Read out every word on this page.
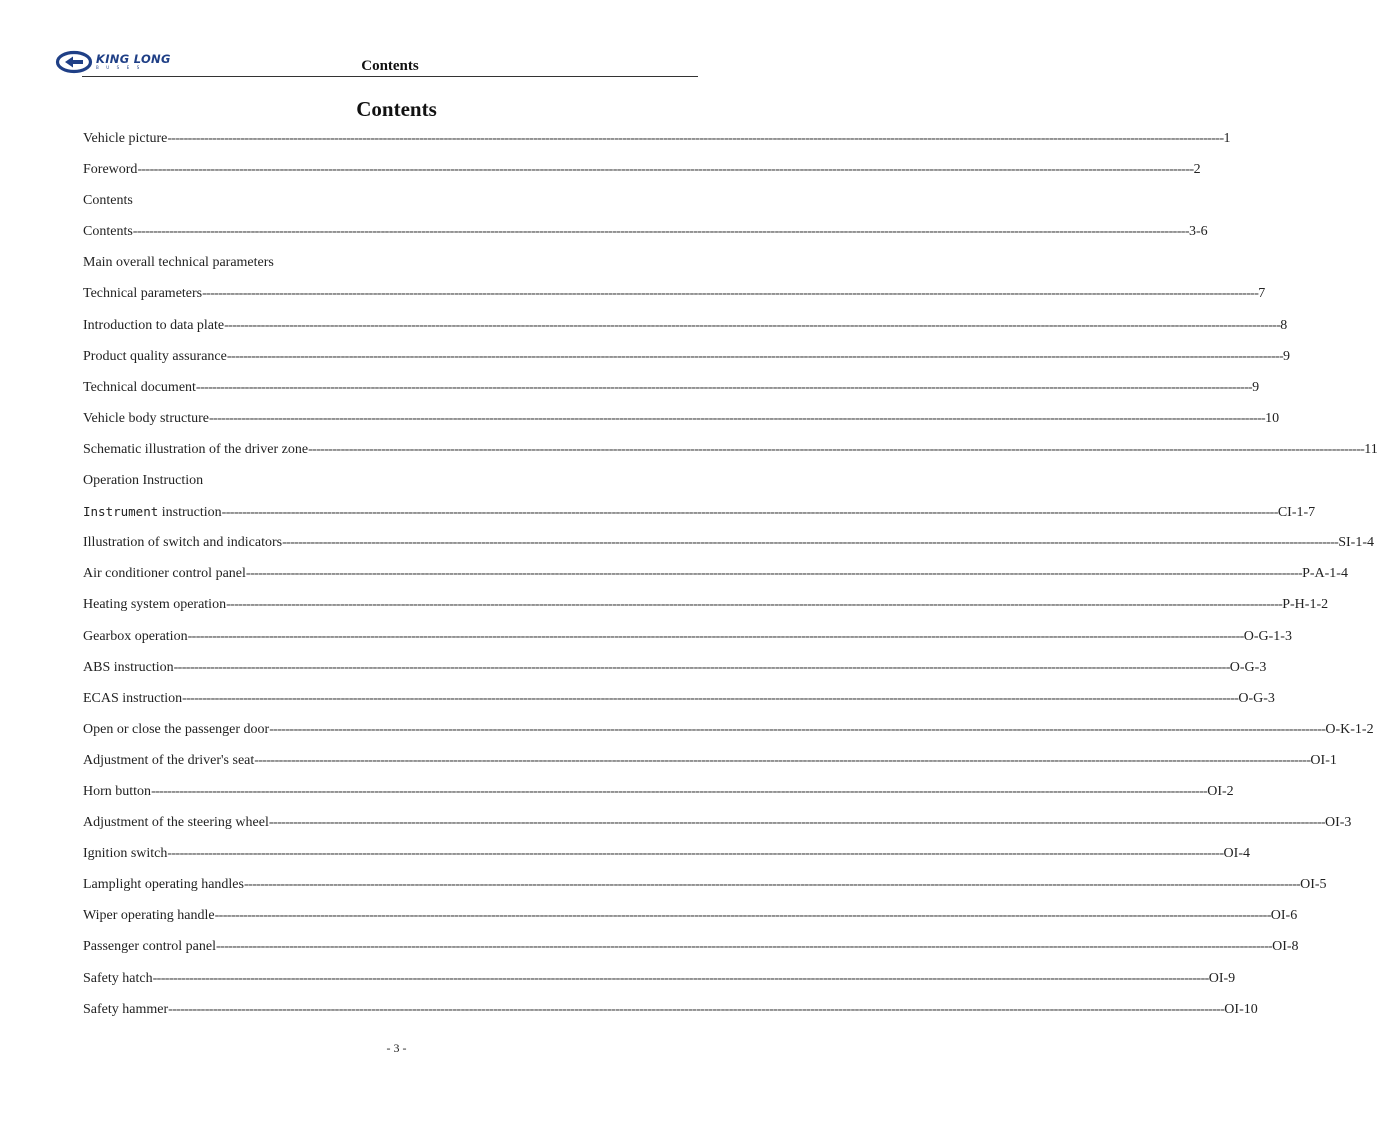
KING LONG
BUSES	Contents
Contents
Vehicle picture -------------------------------------------------------------------------------------------------------------------------------------------------------------------------------------------------------------------------------------------------------------------- 1
Foreword -------------------------------------------------------------------------------------------------------------------------------------------------------------------------------------------------------------------------------------------------------------------- 2
Contents
Contents -------------------------------------------------------------------------------------------------------------------------------------------------------------------------------------------------------------------------------------------------------------------- 3-6
Main overall technical parameters
Technical parameters -------------------------------------------------------------------------------------------------------------------------------------------------------------------------------------------------------------------------------------------------------------------- 7
Introduction to data plate -------------------------------------------------------------------------------------------------------------------------------------------------------------------------------------------------------------------------------------------------------------------- 8
Product quality assurance -------------------------------------------------------------------------------------------------------------------------------------------------------------------------------------------------------------------------------------------------------------------- 9
Technical document -------------------------------------------------------------------------------------------------------------------------------------------------------------------------------------------------------------------------------------------------------------------- 9
Vehicle body structure -------------------------------------------------------------------------------------------------------------------------------------------------------------------------------------------------------------------------------------------------------------------- 10
Schematic illustration of the driver zone -------------------------------------------------------------------------------------------------------------------------------------------------------------------------------------------------------------------------------------------------------------------- 11
Operation Instruction
Instrument instruction -------------------------------------------------------------------------------------------------------------------------------------------------------------------------------------------------------------------------------------------------------------------- CI-1-7
Illustration of switch and indicators -------------------------------------------------------------------------------------------------------------------------------------------------------------------------------------------------------------------------------------------------------------------- SI-1-4
Air conditioner control panel -------------------------------------------------------------------------------------------------------------------------------------------------------------------------------------------------------------------------------------------------------------------- P-A-1-4
Heating system operation -------------------------------------------------------------------------------------------------------------------------------------------------------------------------------------------------------------------------------------------------------------------- P-H-1-2
Gearbox operation -------------------------------------------------------------------------------------------------------------------------------------------------------------------------------------------------------------------------------------------------------------------- O-G-1-3
ABS instruction -------------------------------------------------------------------------------------------------------------------------------------------------------------------------------------------------------------------------------------------------------------------- O-G-3
ECAS instruction -------------------------------------------------------------------------------------------------------------------------------------------------------------------------------------------------------------------------------------------------------------------- O-G-3
Open or close the passenger door -------------------------------------------------------------------------------------------------------------------------------------------------------------------------------------------------------------------------------------------------------------------- O-K-1-2
Adjustment of the driver's seat -------------------------------------------------------------------------------------------------------------------------------------------------------------------------------------------------------------------------------------------------------------------- OI-1
Horn button -------------------------------------------------------------------------------------------------------------------------------------------------------------------------------------------------------------------------------------------------------------------- OI-2
Adjustment of the steering wheel -------------------------------------------------------------------------------------------------------------------------------------------------------------------------------------------------------------------------------------------------------------------- OI-3
Ignition switch -------------------------------------------------------------------------------------------------------------------------------------------------------------------------------------------------------------------------------------------------------------------- OI-4
Lamplight operating handles -------------------------------------------------------------------------------------------------------------------------------------------------------------------------------------------------------------------------------------------------------------------- OI-5
Wiper operating handle -------------------------------------------------------------------------------------------------------------------------------------------------------------------------------------------------------------------------------------------------------------------- OI-6
Passenger control panel -------------------------------------------------------------------------------------------------------------------------------------------------------------------------------------------------------------------------------------------------------------------- OI-8
Safety hatch -------------------------------------------------------------------------------------------------------------------------------------------------------------------------------------------------------------------------------------------------------------------- OI-9
Safety hammer -------------------------------------------------------------------------------------------------------------------------------------------------------------------------------------------------------------------------------------------------------------------- OI-10
- 3 -
